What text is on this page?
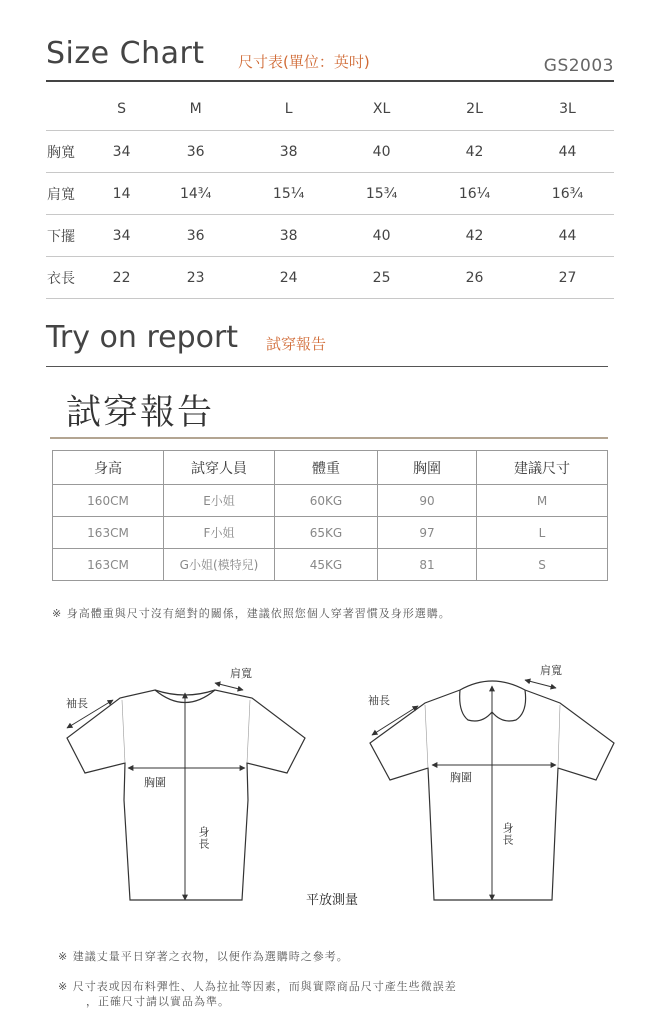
Size Chart 尺寸表(單位：英吋)	GS2003
	S	M	L	XL	2L	3L
胸寬	34	36	38	40	42	44
肩寬	14	14¾	15¼	15¾	16¼	16¾
下擺	34	36	38	40	42	44
衣長	22	23	24	25	26	27
Try on report 試穿報告
試穿報告
身高	試穿人員	體重	胸圍	建議尺寸
160CM	E小姐	60KG	90	M
163CM	F小姐	65KG	97	L
163CM	G小姐(模特兒)	45KG	81	S
※ 身高體重與尺寸沒有絕對的關係，建議依照您個人穿著習慣及身形選購。
肩寬
袖長
胸圍
身長
肩寬
袖長
胸圍
身長
平放測量
※ 建議丈量平日穿著之衣物，以便作為選購時之參考。
※ 尺寸表或因布料彈性、人為拉扯等因素，而與實際商品尺寸產生些微誤差
，正確尺寸請以實品為準。
